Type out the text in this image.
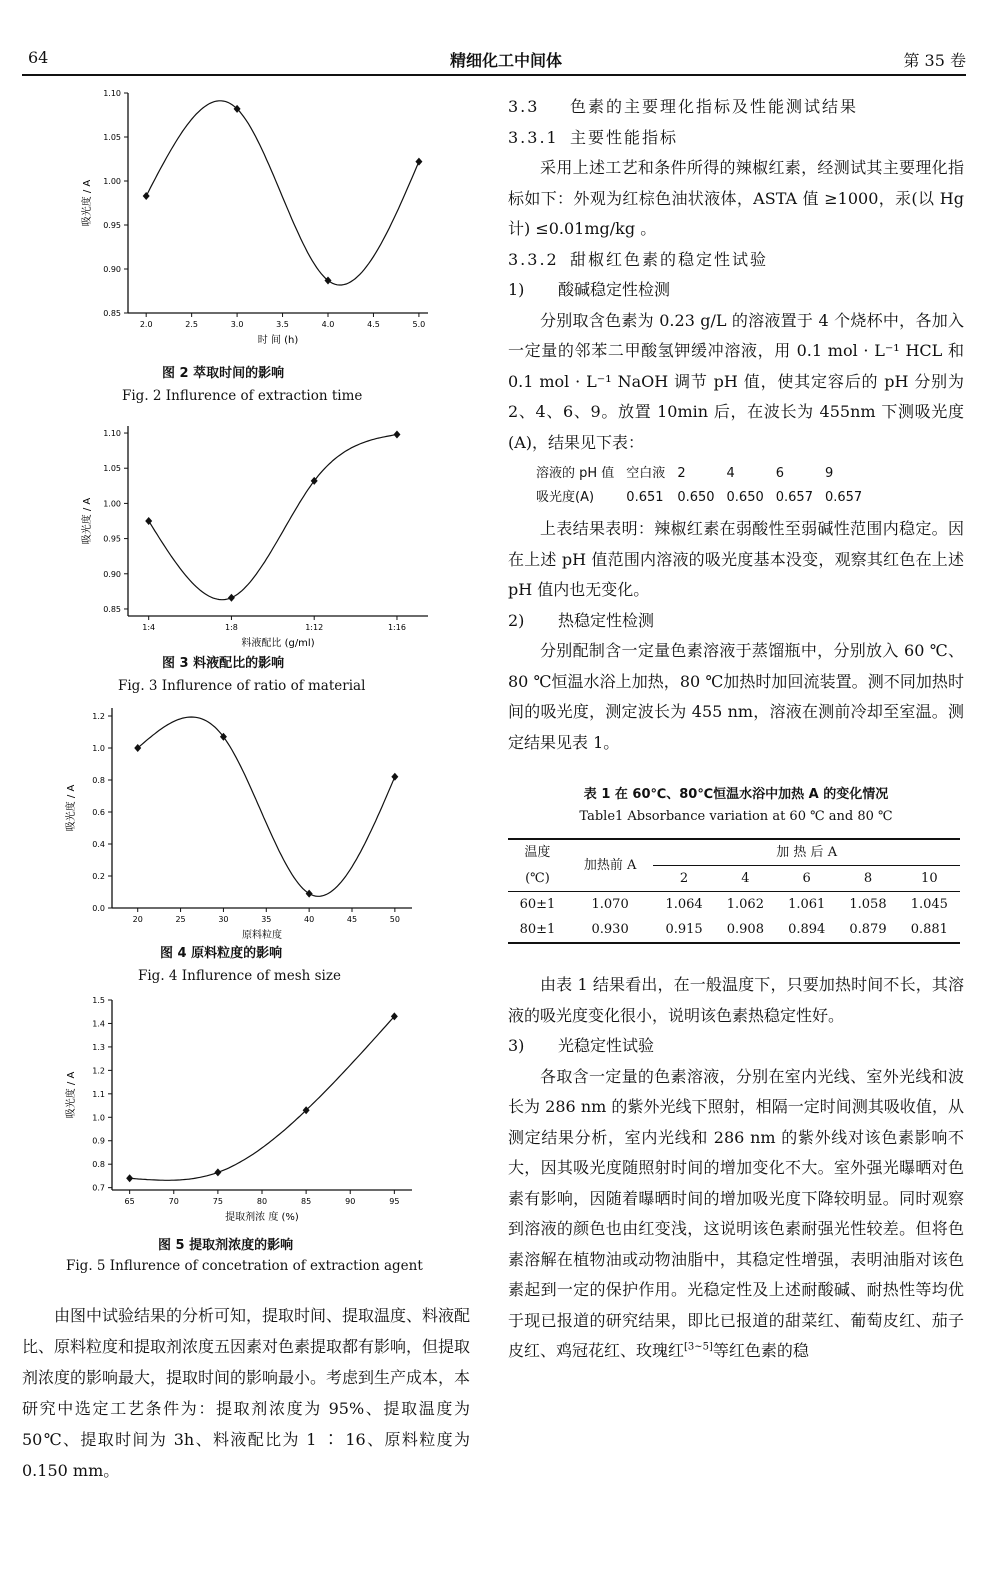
64	精细化工中间体	第 35 卷
0.85
0.90
0.95
1.00
1.05
1.10
2.0	2.5	3.0	3.5	4.0	4.5	5.0
时 间 (h)
吸光度 / A
图 2 萃取时间的影响
Fig. 2 Influrence of extraction time
0.85
0.90
0.95
1.00
1.05
1.10
1:4	1:8	1:12	1:16
料液配比 (g/ml)
吸光度 / A
图 3 料液配比的影响
Fig. 3 Influrence of ratio of material
0.0
0.2
0.4
0.6
0.8
1.0
1.2
20	25	30	35	40	45	50
原料粒度
吸光度 / A
图 4 原料粒度的影响
Fig. 4 Influrence of mesh size
0.7
0.8
0.9
1.0
1.1
1.2
1.3
1.4
1.5
65	70	75	80	85	90	95
提取剂浓 度 (%)
吸光度 / A
图 5 提取剂浓度的影响
Fig. 5 Influrence of concetration of extraction agent

由图中试验结果的分析可知，提取时间、提取温度、料液配比、原料粒度和提取剂浓度五因素对色素提取都有影响，但提取剂浓度的影响最大，提取时间的影响最小。考虑到生产成本，本研究中选定工艺条件为：提取剂浓度为 95%、提取温度为 50℃、提取时间为 3h、料液配比为 1 ∶ 16、原料粒度为 0.150 mm。

3.3 色素的主要理化指标及性能测试结果

3.3.1 主要性能指标

采用上述工艺和条件所得的辣椒红素，经测试其主要理化指标如下：外观为红棕色油状液体，ASTA 值 ≥1000，汞(以 Hg 计) ≤0.01mg/kg 。

3.3.2 甜椒红色素的稳定性试验

1) 酸碱稳定性检测

分别取含色素为 0.23 g/L 的溶液置于 4 个烧杯中，各加入一定量的邻苯二甲酸氢钾缓冲溶液，用 0.1 mol · L⁻¹ HCL 和 0.1 mol · L⁻¹ NaOH 调节 pH 值，使其定容后的 pH 分别为 2、4、6、9。放置 10min 后，在波长为 455nm 下测吸光度(A)，结果见下表：

溶液的 pH 值	空白液	2	4	6	9
吸光度(A)	0.651	0.650	0.650	0.657	0.657

上表结果表明：辣椒红素在弱酸性至弱碱性范围内稳定。因在上述 pH 值范围内溶液的吸光度基本没变，观察其红色在上述 pH 值内也无变化。

2) 热稳定性检测

分别配制含一定量色素溶液于蒸馏瓶中，分别放入 60 ℃、80 ℃恒温水浴上加热，80 ℃加热时加回流装置。测不同加热时间的吸光度，测定波长为 455 nm，溶液在测前冷却至室温。测定结果见表 1。

表 1 在 60℃、80℃恒温水浴中加热 A 的变化情况
Table1 Absorbance variation at 60 ℃ and 80 ℃
温度	加热前 A	加 热 后 A				
(℃)		2	4	6	8	10
60±1	1.070	1.064	1.062	1.061	1.058	1.045
80±1	0.930	0.915	0.908	0.894	0.879	0.881

由表 1 结果看出，在一般温度下，只要加热时间不长，其溶液的吸光度变化很小，说明该色素热稳定性好。

3) 光稳定性试验

各取含一定量的色素溶液，分别在室内光线、室外光线和波长为 286 nm 的紫外光线下照射，相隔一定时间测其吸收值，从测定结果分析，室内光线和 286 nm 的紫外线对该色素影响不大，因其吸光度随照射时间的增加变化不大。室外强光曝晒对色素有影响，因随着曝晒时间的增加吸光度下降较明显。同时观察到溶液的颜色也由红变浅，这说明该色素耐强光性较差。但将色素溶解在植物油或动物油脂中，其稳定性增强，表明油脂对该色素起到一定的保护作用。光稳定性及上述耐酸碱、耐热性等均优于现已报道的研究结果，即比已报道的甜菜红、葡萄皮红、茄子皮红、鸡冠花红、玫瑰红[3~5]等红色素的稳
